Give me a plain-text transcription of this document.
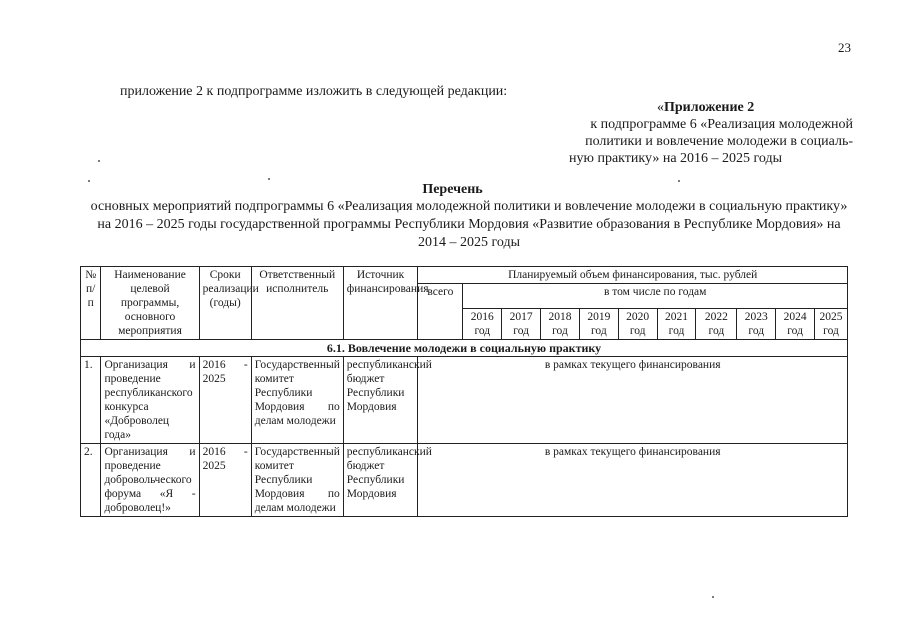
23
приложение 2 к подпрограмме изложить в следующей редакции:
«Приложение 2
к подпрограмме 6 «Реализация молодежной
политики и вовлечение молодежи в социаль-
ную практику» на 2016 – 2025 годы
Перечень
основных мероприятий подпрограммы 6 «Реализация молодежной политики и вовлечение молодежи в социальную практику» на 2016 – 2025 годы государственной программы Республики Мордовия «Развитие образования в Республике Мордовия» на 2014 – 2025 годы
№ п/п	Наименование целевой программы, основного мероприятия	Сроки реализации (годы)	Ответственный исполнитель	Источник финансирования	Планируемый объем финансирования, тыс. рублей										
					всего	в том числе по годам									
						2016 год	2017 год	2018 год	2019 год	2020 год	2021 год	2022 год	2023 год	2024 год	2025 год
6.1. Вовлечение молодежи в социальную практику															
1.	Организация и проведение республиканского конкурса «Доброволец года»	2016 - 2025	Государственный комитет Республики Мордовия по делам молодежи	республиканский бюджет Республики Мордовия	в рамках текущего финансирования										
2.	Организация и проведение добровольческого форума «Я - доброволец!»	2016 - 2025	Государственный комитет Республики Мордовия по делам молодежи	республиканский бюджет Республики Мордовия	в рамках текущего финансирования										
